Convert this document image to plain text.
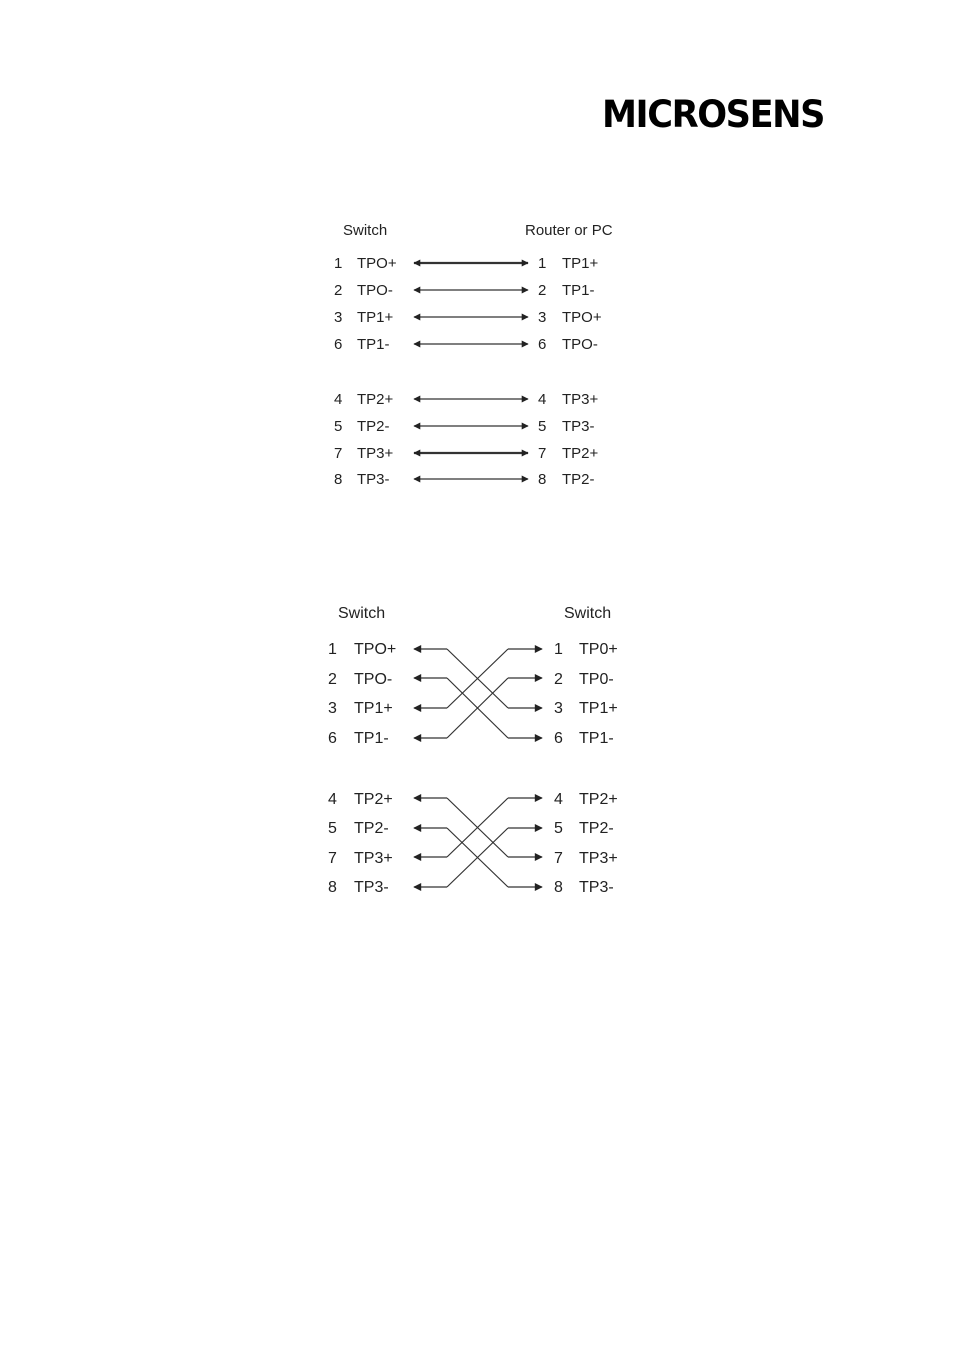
MICROSENS
Switch	Router or PC
1 TPO+	1 TP1+
2 TPO-	2 TP1-
3 TP1+	3 TPO+
6 TP1-	6 TPO-
4 TP2+	4 TP3+
5 TP2-	5 TP3-
7 TP3+	7 TP2+
8 TP3-	8 TP2-
Switch	Switch
1 TPO+	1 TP0+
2 TPO-	2 TP0-
3 TP1+	3 TP1+
6 TP1-	6 TP1-
4 TP2+	4 TP2+
5 TP2-	5 TP2-
7 TP3+	7 TP3+
8 TP3-	8 TP3-
